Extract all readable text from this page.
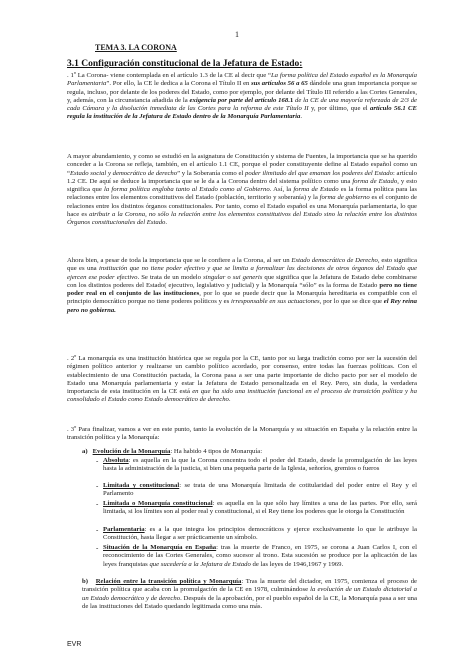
1
TEMA 3. LA CORONA
3.1 Configuración constitucional de la Jefatura de Estado:

. 1º La Corona- viene contemplada en el artículo 1.3 de la CE al decir que “La forma política del Estado español es la Monarquía Parlamentaria”. Por ello, la CE le dedica a la Corona el Título II en sus artículos 56 a 65 dándole una gran importancia porque se regula, incluso, por delante de los poderes del Estado, como por ejemplo, por delante del Título III referido a las Cortes Generales, y, además, con la circunstancia añadida de la exigencia por parte del artículo 168.1 de la CE de una mayoría reforzada de 2/3 de cada Cámara y la disolución inmediata de las Cortes para la reforma de este Título II y, por último, que el artículo 56.1 CE regula la institución de la Jefatura de Estado dentro de la Monarquía Parlamentaria.

A mayor abundamiento, y como se estudió en la asignatura de Constitución y sistema de Fuentes, la importancia que se ha querido conceder a la Corona se refleja, también, en el artículo 1.1 CE, porque el poder constituyente define al Estado español como un “Estado social y democrático de derecho” y la Soberanía como el poder ilimitado del que emanan los poderes del Estado: artículo 1.2 CE. De aquí se deduce la importancia que se le da a la Corona dentro del sistema político como una forma de Estado, y esto significa que la forma política engloba tanto al Estado como al Gobierno. Así, la forma de Estado es la forma política para las relaciones entre los elementos constitutivos del Estado (población, territorio y soberanía) y la forma de gobierno es el conjunto de relaciones entre los distintos órganos constitucionales. Por tanto, como el Estado español es una Monarquía parlamentaria, lo que hace es atribuir a la Corona, no sólo la relación entre los elementos constitutivos del Estado sino la relación entre los distintos Órganos constitucionales del Estado.

Ahora bien, a pesar de toda la importancia que se le confiere a la Corona, al ser un Estado democrático de Derecho, esto significa que es una institución que no tiene poder efectivo y que se limita a formalizar las decisiones de otros órganos del Estado que ejercen ese poder efectivo. Se trata de un modelo singular o sui generis que significa que la Jefatura de Estado debe combinarse con los distintos poderes del Estado( ejecutivo, legislativo y judicial) y la Monarquía “sólo” es la forma de Estado pero no tiene poder real en el conjunto de las instituciones, por lo que se puede decir que la Monarquía hereditaria es compatible con el principio democrático porque no tiene poderes políticos y es irresponsable en sus actuaciones, por lo que se dice que el Rey reina pero no gobierna.

. 2º La monarquía es una institución histórica que se regula por la CE, tanto por su larga tradición como por ser la sucesión del régimen político anterior y realizarse un cambio político acordado, por consenso, entre todas las fuerzas políticas. Con el establecimiento de una Constitución pactada, la Corona pasa a ser una parte importante de dicho pacto por ser el modelo de Estado una Monarquía parlamentaria y estar la Jefatura de Estado personalizada en el Rey. Pero, sin duda, la verdadera importancia de esta institución en la CE está en que ha sido una institución funcional en el proceso de transición política y ha consolidado el Estado como Estado democrático de derecho.

. 3º Para finalizar, vamos a ver en este punto, tanto la evolución de la Monarquía y su situación en España y la relación entre la transición política y la Monarquía:

a) Evolución de la Monarquía: Ha habido 4 tipos de Monarquía:
- Absoluta: es aquella en la que la Corona concentra todo el poder del Estado, desde la promulgación de las leyes hasta la administración de la justicia, si bien una pequeña parte de la Iglesia, señoríos, gremios o fueros
- Limitada y constitucional: se trata de una Monarquía limitada de cotitularidad del poder entre el Rey y el Parlamento
- Limitada o Monarquía constitucional: es aquella en la que sólo hay límites a una de las partes. Por ello, será limitada, si los límites son al poder real y constitucional, si el Rey tiene los poderes que le otorga la Constitución
- Parlamentaria: es a la que integra los principios democráticos y ejerce exclusivamente lo que le atribuye la Constitución, hasta llegar a ser prácticamente un símbolo.
- Situación de la Monarquía en España: tras la muerte de Franco, en 1975, se corona a Juan Carlos I, con el reconocimiento de las Cortes Generales, como sucesor al trono. Esta sucesión se produce por la aplicación de las leyes franquistas que sucedería a la Jefatura de Estado de las leyes de 1946,1967 y 1969.
b) Relación entre la transición política y Monarquía: Tras la muerte del dictador, en 1975, comienza el proceso de transición política que acaba con la promulgación de la CE en 1978, culminándose la evolución de un Estado dictatorial a un Estado democrático y de derecho. Después de la aprobación, por el pueblo español de la CE, la Monarquía pasa a ser una de las instituciones del Estado quedando legitimada como una más.
EVR
